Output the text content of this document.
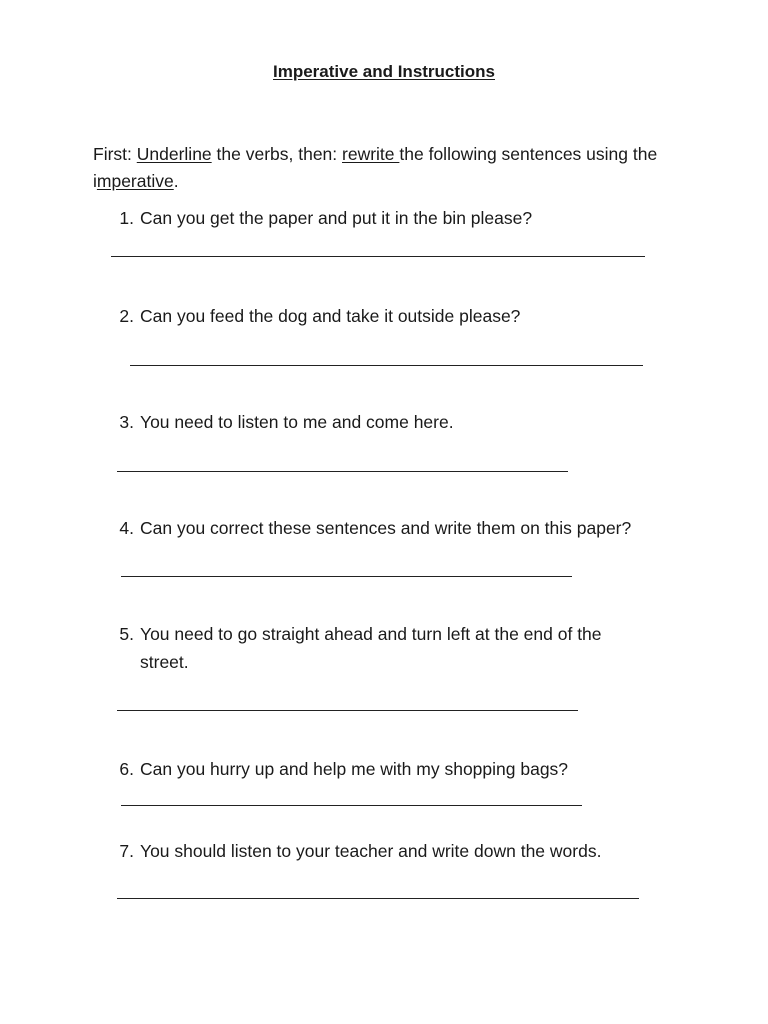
Imperative and Instructions

First: Underline the verbs, then: rewrite the following sentences using the imperative.

1. Can you get the paper and put it in the bin please?
2. Can you feed the dog and take it outside please?
3. You need to listen to me and come here.
4. Can you correct these sentences and write them on this paper?
5. You need to go straight ahead and turn left at the end of the street.
6. Can you hurry up and help me with my shopping bags?
7. You should listen to your teacher and write down the words.
